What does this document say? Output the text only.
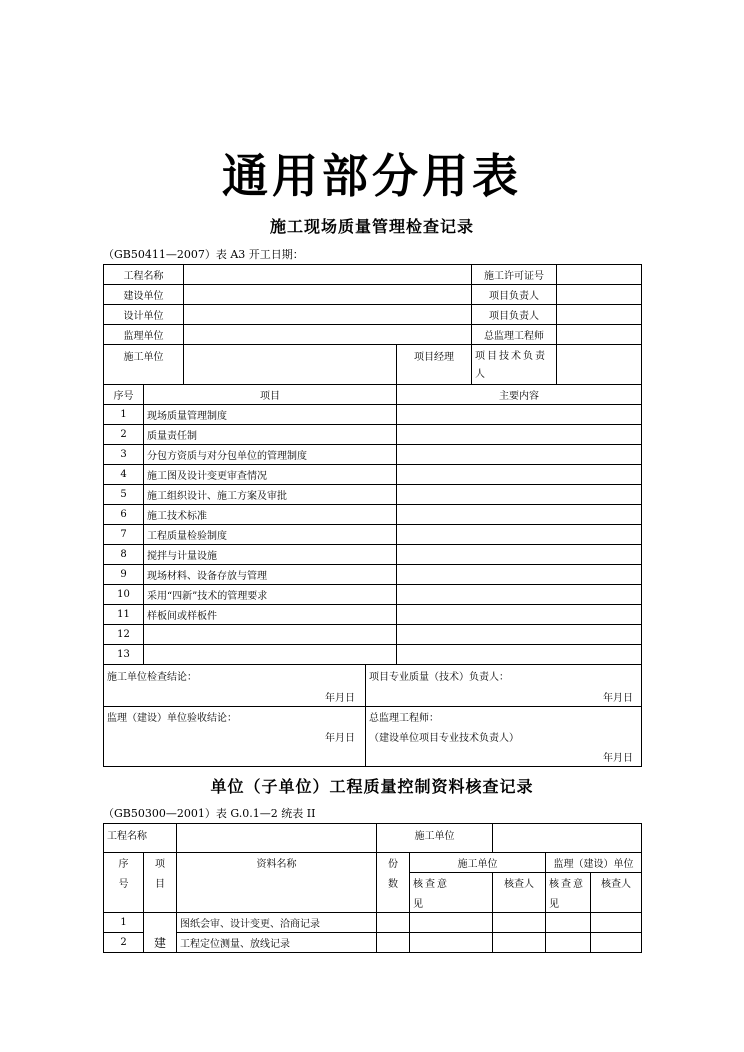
通用部分用表
施工现场质量管理检查记录
（GB50411—2007）表 A3 开工日期：
工程名称			施工许可证号	
建设单位			项目负责人	
设计单位			项目负责人	
监理单位			总监理工程师	
施工单位		项目经理	项目技术负责人	
序号	项目	主要内容
1	现场质量管理制度	
2	质量责任制	
3	分包方资质与对分包单位的管理制度	
4	施工图及设计变更审查情况	
5	施工组织设计、施工方案及审批	
6	施工技术标准	
7	工程质量检验制度	
8	搅拌与计量设施	
9	现场材料、设备存放与管理	
10	采用“四新”技术的管理要求	
11	样板间或样板件	
12		
13		
施工单位检查结论：	项目专业质量（技术）负责人：
年月日	年月日
监理（建设）单位验收结论：	总监理工程师：
年月日	（建设单位项目专业技术负责人）
	年月日
单位（子单位）工程质量控制资料核查记录
（GB50300—2001）表 G.0.1—2 统表 II
工程名称			施工单位				
序	项	资料名称	份	施工单位		监理（建设）单位	
号	目		数	核查意	核查人	核查意	核查人
				见		见	
1		图纸会审、设计变更、洽商记录					
2	建	工程定位测量、放线记录					
